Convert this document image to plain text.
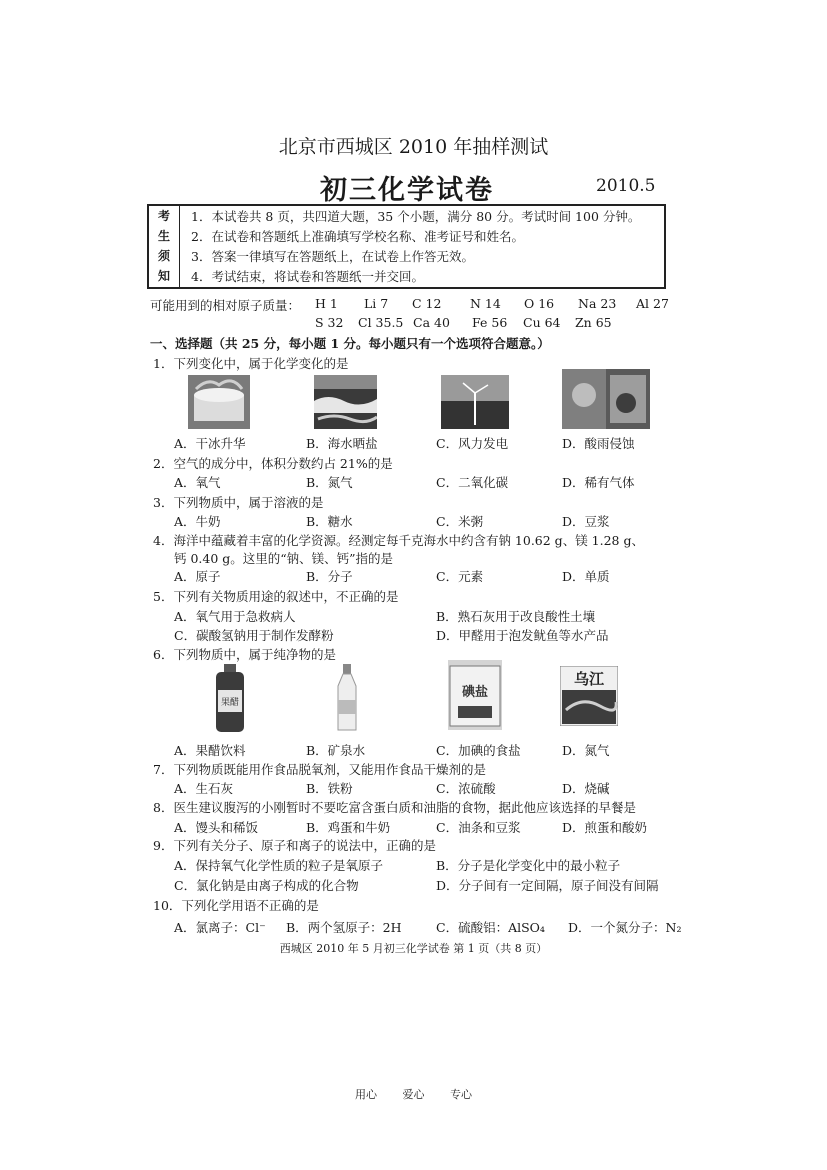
北京市西城区 2010 年抽样测试
初三化学试卷	2010.5
考
生
须
知
1．本试卷共 8 页，共四道大题，35 个小题，满分 80 分。考试时间 100 分钟。
2．在试卷和答题纸上准确填写学校名称、准考证号和姓名。
3．答案一律填写在答题纸上，在试卷上作答无效。
4．考试结束，将试卷和答题纸一并交回。
可能用到的相对原子质量： H 1 Li 7 C 12 N 14 O 16 Na 23 Al 27
S 32 Cl 35.5 Ca 40 Fe 56 Cu 64 Zn 65
一、选择题（共 25 分，每小题 1 分。每小题只有一个选项符合题意。）
1．下列变化中，属于化学变化的是
A．干冰升华	B．海水晒盐	C．风力发电	D．酸雨侵蚀
2．空气的成分中，体积分数约占 21%的是
A．氧气	B．氮气	C．二氧化碳	D．稀有气体
3．下列物质中，属于溶液的是
A．牛奶	B．糖水	C．米粥	D．豆浆
4．海洋中蕴藏着丰富的化学资源。经测定每千克海水中约含有钠 10.62 g、镁 1.28 g、
钙 0.40 g。这里的“钠、镁、钙”指的是
A．原子	B．分子	C．元素	D．单质
5．下列有关物质用途的叙述中，不正确的是
A．氧气用于急救病人	B．熟石灰用于改良酸性土壤
C．碳酸氢钠用于制作发酵粉	D．甲醛用于泡发鱿鱼等水产品
6．下列物质中，属于纯净物的是
果醋
碘盐
乌江
A．果醋饮料	B．矿泉水	C．加碘的食盐	D．氮气
7．下列物质既能用作食品脱氧剂，又能用作食品干燥剂的是
A．生石灰	B．铁粉	C．浓硫酸	D．烧碱
8．医生建议腹泻的小刚暂时不要吃富含蛋白质和油脂的食物，据此他应该选择的早餐是
A．馒头和稀饭	B．鸡蛋和牛奶	C．油条和豆浆	D．煎蛋和酸奶
9．下列有关分子、原子和离子的说法中，正确的是
A．保持氧气化学性质的粒子是氧原子	B．分子是化学变化中的最小粒子
C．氯化钠是由离子构成的化合物	D．分子间有一定间隔，原子间没有间隔
10．下列化学用语不正确的是
A．氯离子：Cl⁻ B．两个氢原子：2H	C．硫酸铝：AlSO₄ D．一个氮分子：N₂
西城区 2010 年 5 月初三化学试卷 第 1 页（共 8 页）
用心 爱心 专心
